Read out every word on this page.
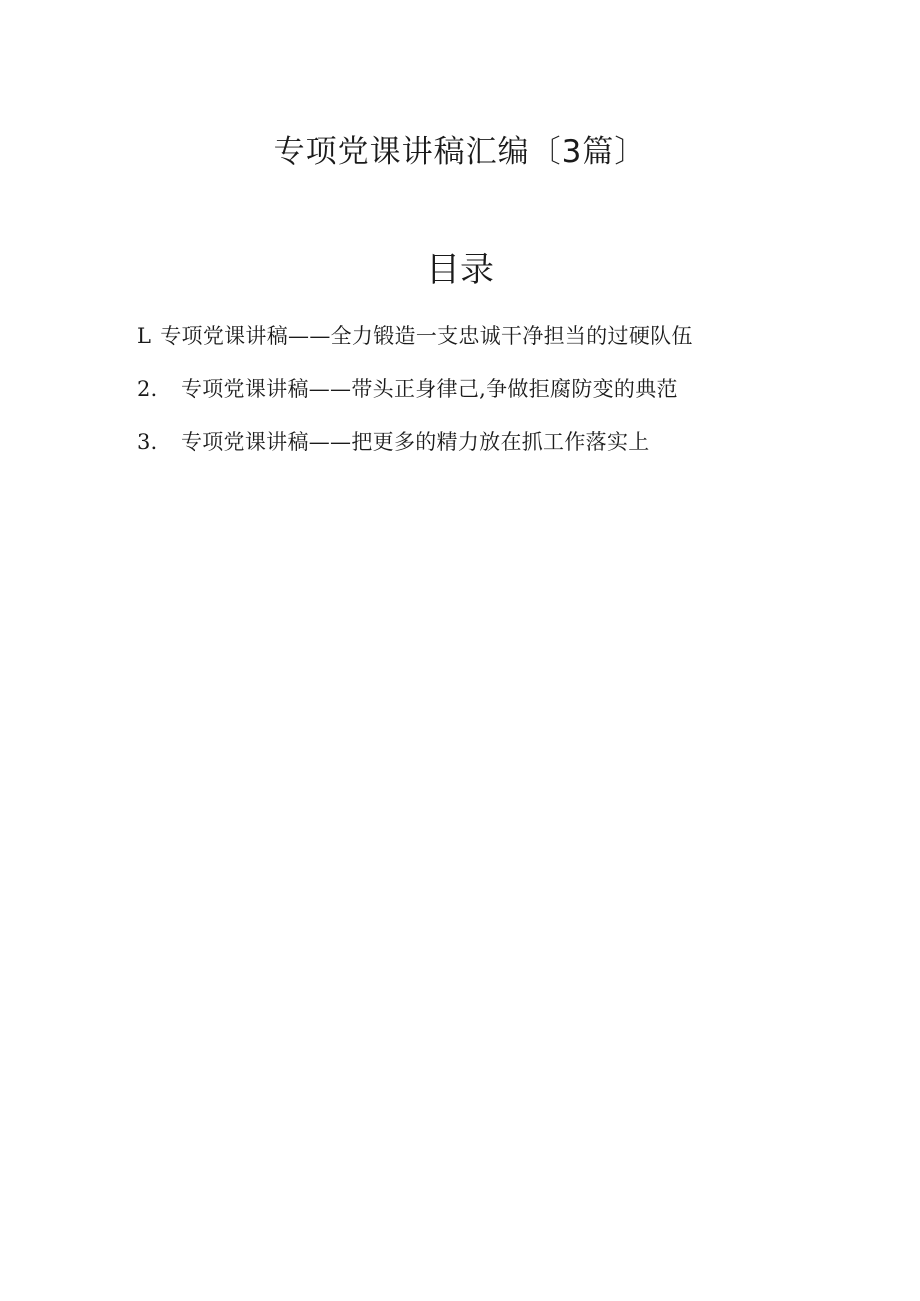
专项党课讲稿汇编〔3篇〕
目录
L 专项党课讲稿——全力锻造一支忠诚干净担当的过硬队伍
2． 专项党课讲稿——带头正身律己,争做拒腐防变的典范
3． 专项党课讲稿——把更多的精力放在抓工作落实上
